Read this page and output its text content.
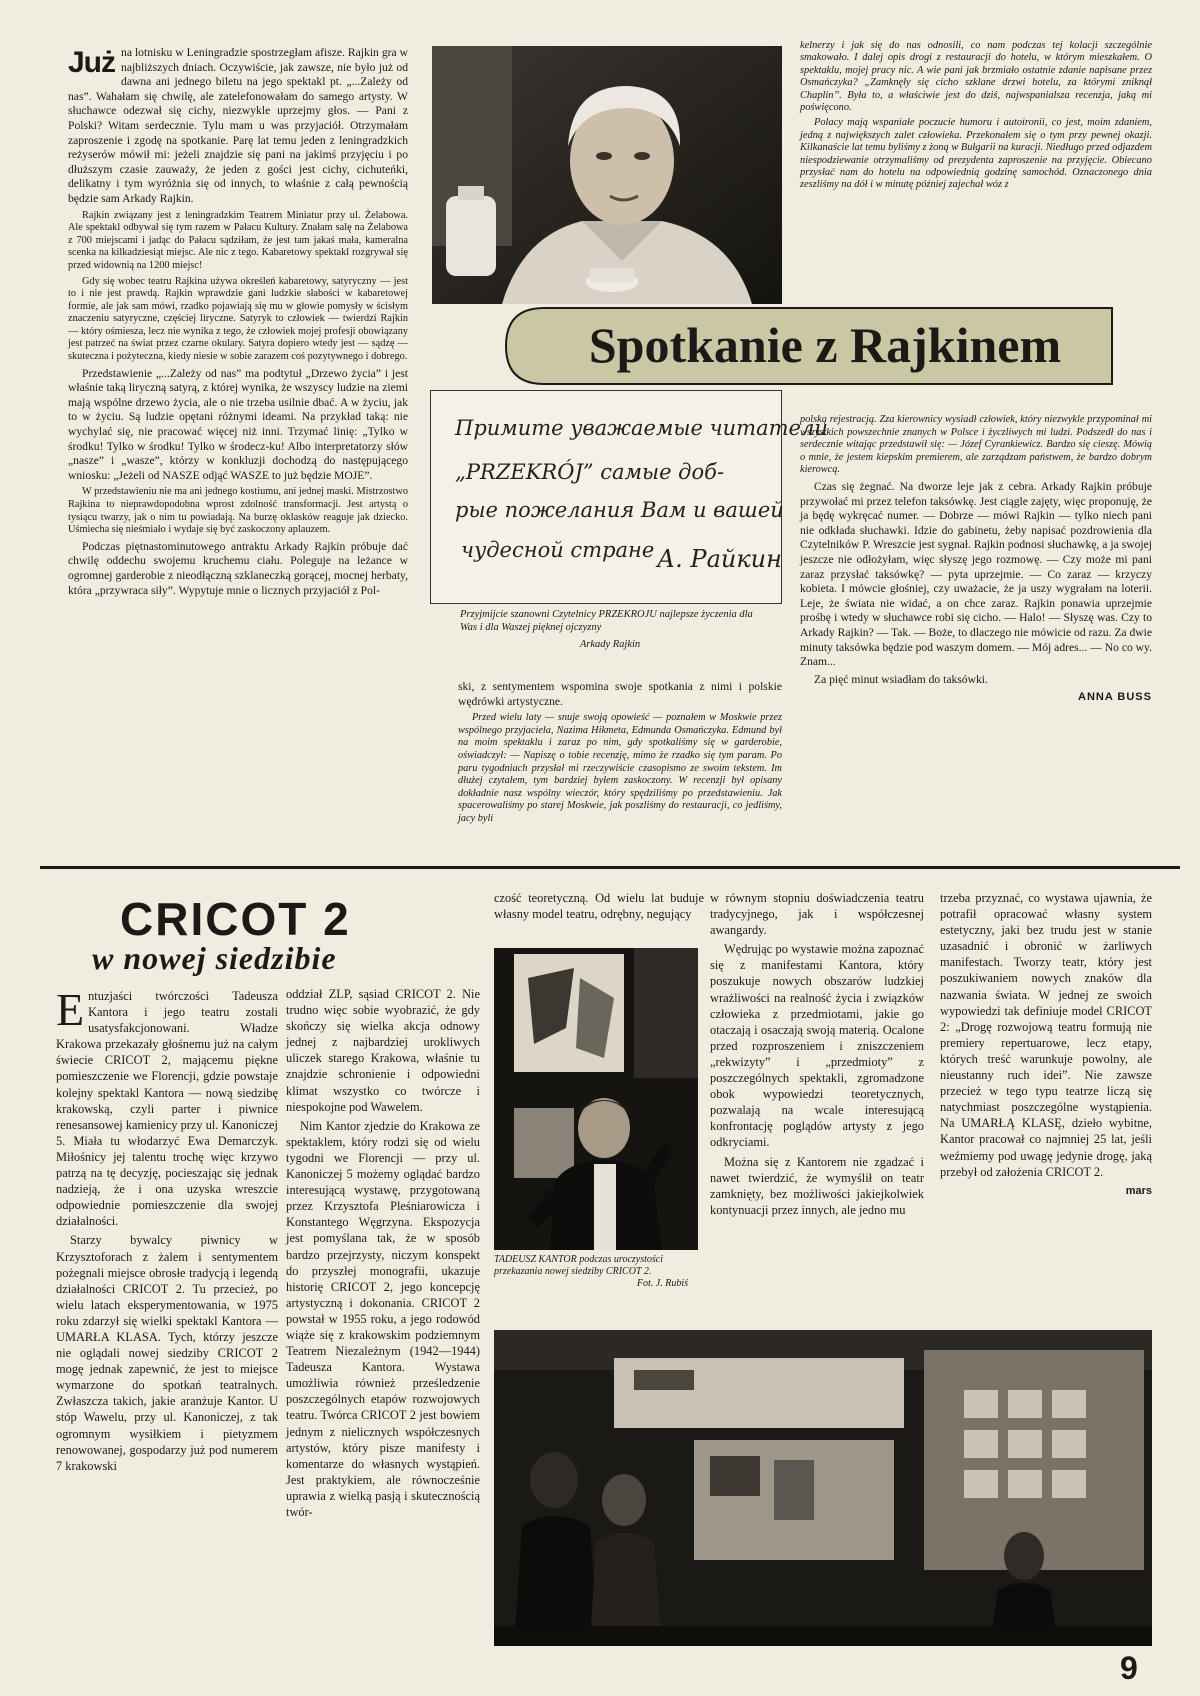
Już na lotnisku w Leningradzie spostrzegłam afisze. Rajkin gra w najbliższych dniach. Oczywiście, jak zawsze, nie było już od dawna ani jednego biletu na jego spektakl pt. „...Zależy od nas”. Wahałam się chwilę, ale zatelefonowałam do samego artysty. W słuchawce odezwał się cichy, niezwykle uprzejmy głos. — Pani z Polski? Witam serdecznie. Tylu mam u was przyjaciół. Otrzymałam zaproszenie i zgodę na spotkanie. Parę lat temu jeden z leningradzkich reżyserów mówił mi: jeżeli znajdzie się pani na jakimś przyjęciu i po dłuższym czasie zauważy, że jeden z gości jest cichy, cichuteńki, delikatny i tym wyróżnia się od innych, to właśnie z całą pewnością będzie sam Arkady Rajkin.

Rajkin związany jest z leningradzkim Teatrem Miniatur przy ul. Żelabowa. Ale spektakl odbywał się tym razem w Pałacu Kultury. Znałam salę na Żelabowa z 700 miejscami i jadąc do Pałacu sądziłam, że jest tam jakaś mała, kameralna scenka na kilkadziesiąt miejsc. Ale nic z tego. Kabaretowy spektakl rozgrywał się przed widownią na 1200 miejsc!

Gdy się wobec teatru Rajkina używa określeń kabaretowy, satyryczny — jest to i nie jest prawdą. Rajkin wprawdzie gani ludzkie słabości w kabaretowej formie, ale jak sam mówi, rzadko pojawiają się mu w głowie pomysły w ścisłym znaczeniu satyryczne, częściej liryczne. Satyryk to człowiek — twierdzi Rajkin — który ośmiesza, lecz nie wynika z tego, że człowiek mojej profesji obowiązany jest patrzeć na świat przez czarne okulary. Satyra dopiero wtedy jest — sądzę — skuteczna i pożyteczna, kiedy niesie w sobie zarazem coś pozytywnego i dobrego.

Przedstawienie „...Zależy od nas” ma podtytuł „Drzewo życia” i jest właśnie taką liryczną satyrą, z której wynika, że wszyscy ludzie na ziemi mają wspólne drzewo życia, ale o nie trzeba usilnie dbać. A w życiu, jak to w życiu. Są ludzie opętani różnymi ideami. Na przykład taką: nie wychylać się, nie pracować więcej niż inni. Trzymać linię: „Tylko w środku! Tylko w środku! Tylko w środecz-ku! Albo interpretatorzy słów „nasze” i „wasze”, którzy w konkluzji dochodzą do następującego wniosku: „Jeżeli od NASZE odjąć WASZE to już będzie MOJE”.

W przedstawieniu nie ma ani jednego kostiumu, ani jednej maski. Mistrzostwo Rajkina to nieprawdopodobna wprost zdolność transformacji. Jest artystą o tysiącu twarzy, jak o nim tu powiadają. Na burzę oklasków reaguje jak dziecko. Uśmiecha się nieśmiało i wydaje się być zaskoczony aplauzem.

Podczas piętnastominutowego antraktu Arkady Rajkin próbuje dać chwilę oddechu swojemu kruchemu ciału. Poleguje na leżance w ogromnej garderobie z nieodłączną szklaneczką gorącej, mocnej herbaty, która „przywraca siły”. Wypytuje mnie o licznych przyjaciół z Pol-

kelnerzy i jak się do nas odnosili, co nam podczas tej kolacji szczególnie smakowało. I dalej opis drogi z restauracji do hotelu, w którym mieszkałem. O spektaklu, mojej pracy nic. A wie pani jak brzmiało ostatnie zdanie napisane przez Osmańczyka? „Zamknęły się cicho szklane drzwi hotelu, za którymi zniknął Chaplin”. Była to, a właściwie jest do dziś, najwspanialsza recenzja, jaką mi poświęcono.

Polacy mają wspaniałe poczucie humoru i autoironii, co jest, moim zdaniem, jedną z największych zalet człowieka. Przekonałem się o tym przy pewnej okazji. Kilkanaście lat temu byliśmy z żoną w Bułgarii na kuracji. Niedługo przed odjazdem niespodziewanie otrzymaliśmy od prezydenta zaproszenie na przyjęcie. Obiecano przysłać nam do hotelu na odpowiednią godzinę samochód. Oznaczonego dnia zeszliśmy na dół i w minutę później zajechał wóz z

Spotkanie z Rajkinem
Примите уважаемые читатели
„PRZEKRÓJ” самые доб-
рые пожелания Вам и вашей
чудесной стране А. Райкин
Przyjmijcie szanowni Czytelnicy PRZEKROJU najlepsze życzenia dla Was i dla Waszej pięknej ojczyzny
Arkady Rajkin

ski, z sentymentem wspomina swoje spotkania z nimi i polskie wędrówki artystyczne.

Przed wielu laty — snuje swoją opowieść — poznałem w Moskwie przez wspólnego przyjaciela, Nazima Hikmeta, Edmunda Osmańczyka. Edmund był na moim spektaklu i zaraz po nim, gdy spotkaliśmy się w garderobie, oświadczył: — Napiszę o tobie recenzję, mimo że rzadko się tym param. Po paru tygodniach przysłał mi rzeczywiście czasopismo ze swoim tekstem. Im dłużej czytałem, tym bardziej byłem zaskoczony. W recenzji był opisany dokładnie nasz wspólny wieczór, który spędziliśmy po przedstawieniu. Jak spacerowaliśmy po starej Moskwie, jak poszliśmy do restauracji, co jedliśmy, jacy byli

polską rejestracją. Zza kierownicy wysiadł człowiek, który niezwykle przypominał mi wszystkich powszechnie znanych w Polsce i życzliwych mi ludzi. Podszedł do nas i serdecznie witając przedstawił się: — Józef Cyrankiewicz. Bardzo się cieszę. Mówią o mnie, że jestem kiepskim premierem, ale zarządzam państwem, że bardzo dobrym kierowcą.

Czas się żegnać. Na dworze leje jak z cebra. Arkady Rajkin próbuje przywołać mi przez telefon taksówkę. Jest ciągle zajęty, więc proponuję, że ja będę wykręcać numer. — Dobrze — mówi Rajkin — tylko niech pani nie odkłada słuchawki. Idzie do gabinetu, żeby napisać pozdrowienia dla Czytelników P. Wreszcie jest sygnał. Rajkin podnosi słuchawkę, a ja swojej jeszcze nie odłożyłam, więc słyszę jego rozmowę. — Czy może mi pani zaraz przysłać taksówkę? — pyta uprzejmie. — Co zaraz — krzyczy kobieta. I mówcie głośniej, czy uważacie, że ja uszy wygrałam na loterii. Leje, że świata nie widać, a on chce zaraz. Rajkin ponawia uprzejmie prośbę i wtedy w słuchawce robi się cicho. — Halo! — Słyszę was. Czy to Arkady Rajkin? — Tak. — Boże, to dlaczego nie mówicie od razu. Za dwie minuty taksówka będzie pod waszym domem. — Mój adres... — No co wy. Znam...

Za pięć minut wsiadłam do taksówki.

ANNA BUSS
CRICOT 2
w nowej siedzibie
E ntuzjaści twórczości Tadeusza Kantora i jego teatru zostali usatysfakcjonowani. Władze Krakowa przekazały głośnemu już na całym świecie CRICOT 2, mającemu piękne pomieszczenie we Florencji, gdzie powstaje kolejny spektakl Kantora — nową siedzibę krakowską, czyli parter i piwnice renesansowej kamienicy przy ul. Kanoniczej 5. Miała tu włodarzyć Ewa Demarczyk. Miłośnicy jej talentu trochę więc krzywo patrzą na tę decyzję, pocieszając się jednak nadzieją, że i ona uzyska wreszcie odpowiednie pomieszczenie dla swojej działalności.

Starzy bywalcy piwnicy w Krzysztoforach z żalem i sentymentem pożegnali miejsce obrosłe tradycją i legendą działalności CRICOT 2. Tu przecież, po wielu latach eksperymentowania, w 1975 roku zdarzył się wielki spektakl Kantora — UMARŁA KLASA. Tych, którzy jeszcze nie oglądali nowej siedziby CRICOT 2 mogę jednak zapewnić, że jest to miejsce wymarzone do spotkań teatralnych. Zwłaszcza takich, jakie aranżuje Kantor. U stóp Wawelu, przy ul. Kanoniczej, z tak ogromnym wysiłkiem i pietyzmem renowowanej, gospodarzy już pod numerem 7 krakowski

oddział ZLP, sąsiad CRICOT 2. Nie trudno więc sobie wyobrazić, że gdy skończy się wielka akcja odnowy jednej z najbardziej urokliwych uliczek starego Krakowa, właśnie tu znajdzie schronienie i odpowiedni klimat wszystko co twórcze i niespokojne pod Wawelem.

Nim Kantor zjedzie do Krakowa ze spektaklem, który rodzi się od wielu tygodni we Florencji — przy ul. Kanoniczej 5 możemy oglądać bardzo interesującą wystawę, przygotowaną przez Krzysztofa Pleśniarowicza i Konstantego Węgrzyna. Ekspozycja jest pomyślana tak, że w sposób bardzo przejrzysty, niczym konspekt do przyszłej monografii, ukazuje historię CRICOT 2, jego koncepcję artystyczną i dokonania. CRICOT 2 powstał w 1955 roku, a jego rodowód wiąże się z krakowskim podziemnym Teatrem Niezależnym (1942—1944) Tadeusza Kantora. Wystawa umożliwia również prześledzenie poszczególnych etapów rozwojowych teatru. Twórca CRICOT 2 jest bowiem jednym z nielicznych współczesnych artystów, który pisze manifesty i komentarze do własnych wystąpień. Jest praktykiem, ale równocześnie uprawia z wielką pasją i skutecznością twór-

czość teoretyczną. Od wielu lat buduje własny model teatru, odrębny, negujący

TADEUSZ KANTOR podczas uroczystości przekazania nowej siedziby CRICOT 2.
Fot. J. Rubiś

w równym stopniu doświadczenia teatru tradycyjnego, jak i współczesnej awangardy.

Wędrując po wystawie można zapoznać się z manifestami Kantora, który poszukuje nowych obszarów ludzkiej wrażliwości na realność życia i związków człowieka z przedmiotami, jakie go otaczają i osaczają swoją materią. Ocalone przed rozproszeniem i zniszczeniem „rekwizyty” i „przedmioty” z poszczególnych spektakli, zgromadzone obok wypowiedzi teoretycznych, pozwalają na wcale interesującą konfrontację poglądów artysty z jego odkryciami.

Można się z Kantorem nie zgadzać i nawet twierdzić, że wymyślił on teatr zamknięty, bez możliwości jakiejkolwiek kontynuacji przez innych, ale jedno mu

trzeba przyznać, co wystawa ujawnia, że potrafił opracować własny system estetyczny, jaki bez trudu jest w stanie uzasadnić i obronić w żarliwych manifestach. Tworzy teatr, który jest poszukiwaniem nowych znaków dla nazwania świata. W jednej ze swoich wypowiedzi tak definiuje model CRICOT 2: „Drogę rozwojową teatru formują nie premiery repertuarowe, lecz etapy, których treść warunkuje powolny, ale nieustanny ruch idei”. Nie zawsze przecież w tego typu teatrze liczą się natychmiast poszczególne wystąpienia. Na UMARŁĄ KLASĘ, dzieło wybitne, Kantor pracował co najmniej 25 lat, jeśli weźmiemy pod uwagę jedynie drogę, jaką przebył od założenia CRICOT 2.

mars
9
